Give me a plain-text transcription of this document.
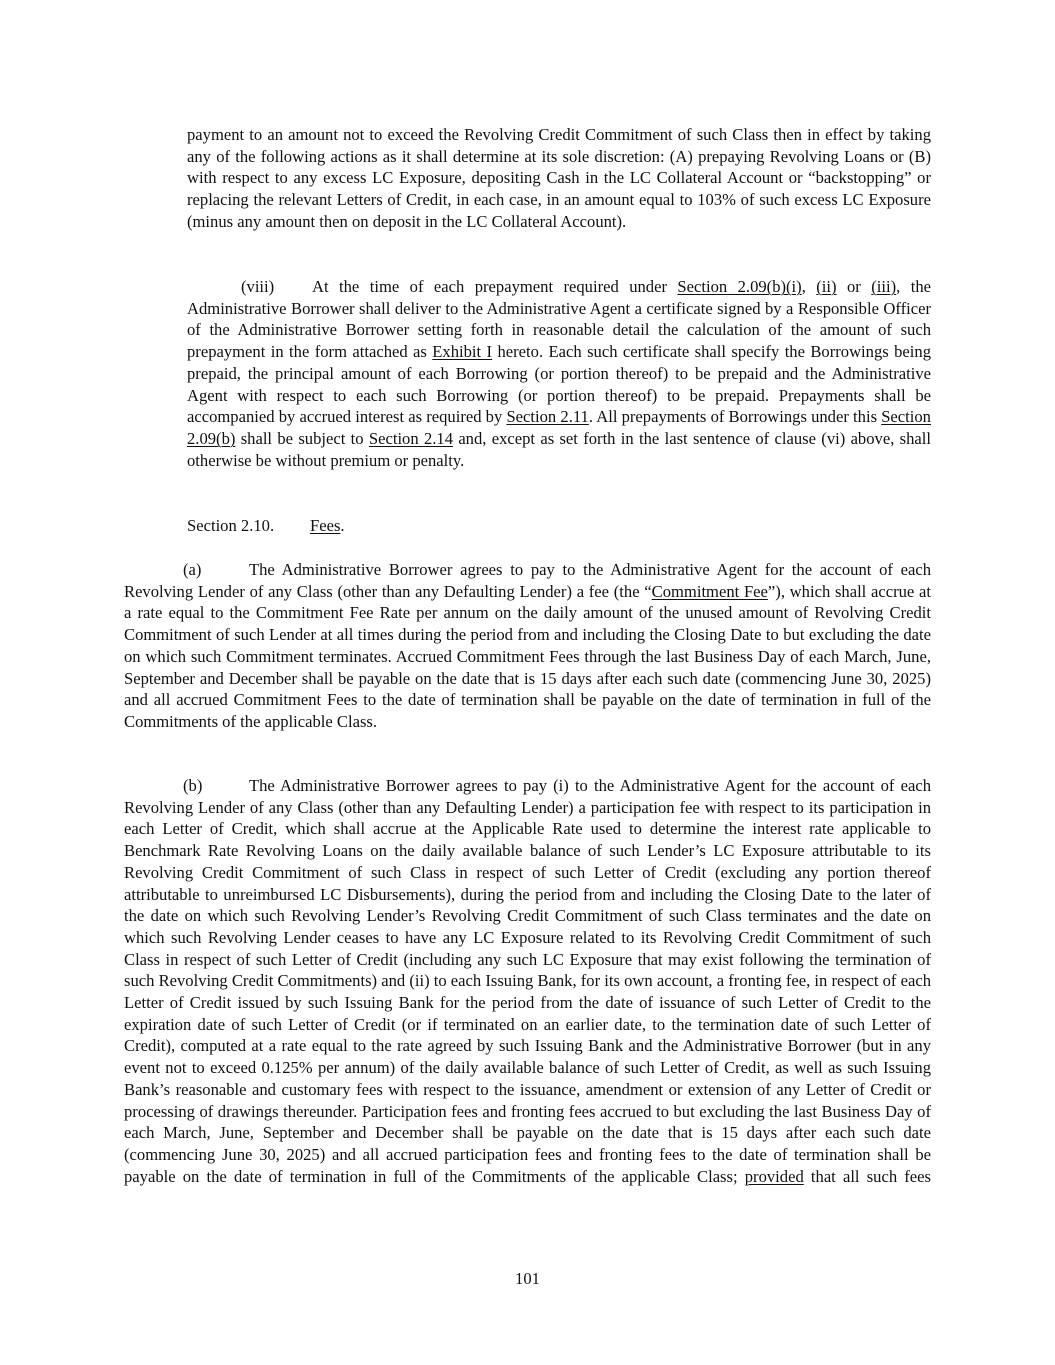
payment to an amount not to exceed the Revolving Credit Commitment of such Class then in effect by taking any of the following actions as it shall determine at its sole discretion: (A) prepaying Revolving Loans or (B) with respect to any excess LC Exposure, depositing Cash in the LC Collateral Account or “backstopping” or replacing the relevant Letters of Credit, in each case, in an amount equal to 103% of such excess LC Exposure (minus any amount then on deposit in the LC Collateral Account).

(viii) At the time of each prepayment required under Section 2.09(b)(i), (ii) or (iii), the Administrative Borrower shall deliver to the Administrative Agent a certificate signed by a Responsible Officer of the Administrative Borrower setting forth in reasonable detail the calculation of the amount of such prepayment in the form attached as Exhibit I hereto. Each such certificate shall specify the Borrowings being prepaid, the principal amount of each Borrowing (or portion thereof) to be prepaid and the Administrative Agent with respect to each such Borrowing (or portion thereof) to be prepaid. Prepayments shall be accompanied by accrued interest as required by Section 2.11. All prepayments of Borrowings under this Section 2.09(b) shall be subject to Section 2.14 and, except as set forth in the last sentence of clause (vi) above, shall otherwise be without premium or penalty.

Section 2.10. Fees.

(a)	The Administrative Borrower agrees to pay to the Administrative Agent for the account of each Revolving Lender of any Class (other than any Defaulting Lender) a fee (the “Commitment Fee”), which shall accrue at a rate equal to the Commitment Fee Rate per annum on the daily amount of the unused amount of Revolving Credit Commitment of such Lender at all times during the period from and including the Closing Date to but excluding the date on which such Commitment terminates. Accrued Commitment Fees through the last Business Day of each March, June, September and December shall be payable on the date that is 15 days after each such date (commencing June 30, 2025) and all accrued Commitment Fees to the date of termination shall be payable on the date of termination in full of the Commitments of the applicable Class.

(b)	The Administrative Borrower agrees to pay (i) to the Administrative Agent for the account of each Revolving Lender of any Class (other than any Defaulting Lender) a participation fee with respect to its participation in each Letter of Credit, which shall accrue at the Applicable Rate used to determine the interest rate applicable to Benchmark Rate Revolving Loans on the daily available balance of such Lender’s LC Exposure attributable to its Revolving Credit Commitment of such Class in respect of such Letter of Credit (excluding any portion thereof attributable to unreimbursed LC Disbursements), during the period from and including the Closing Date to the later of the date on which such Revolving Lender’s Revolving Credit Commitment of such Class terminates and the date on which such Revolving Lender ceases to have any LC Exposure related to its Revolving Credit Commitment of such Class in respect of such Letter of Credit (including any such LC Exposure that may exist following the termination of such Revolving Credit Commitments) and (ii) to each Issuing Bank, for its own account, a fronting fee, in respect of each Letter of Credit issued by such Issuing Bank for the period from the date of issuance of such Letter of Credit to the expiration date of such Letter of Credit (or if terminated on an earlier date, to the termination date of such Letter of Credit), computed at a rate equal to the rate agreed by such Issuing Bank and the Administrative Borrower (but in any event not to exceed 0.125% per annum) of the daily available balance of such Letter of Credit, as well as such Issuing Bank’s reasonable and customary fees with respect to the issuance, amendment or extension of any Letter of Credit or processing of drawings thereunder. Participation fees and fronting fees accrued to but excluding the last Business Day of each March, June, September and December shall be payable on the date that is 15 days after each such date (commencing June 30, 2025) and all accrued participation fees and fronting fees to the date of termination shall be payable on the date of termination in full of the Commitments of the applicable Class; provided that all such fees

101
